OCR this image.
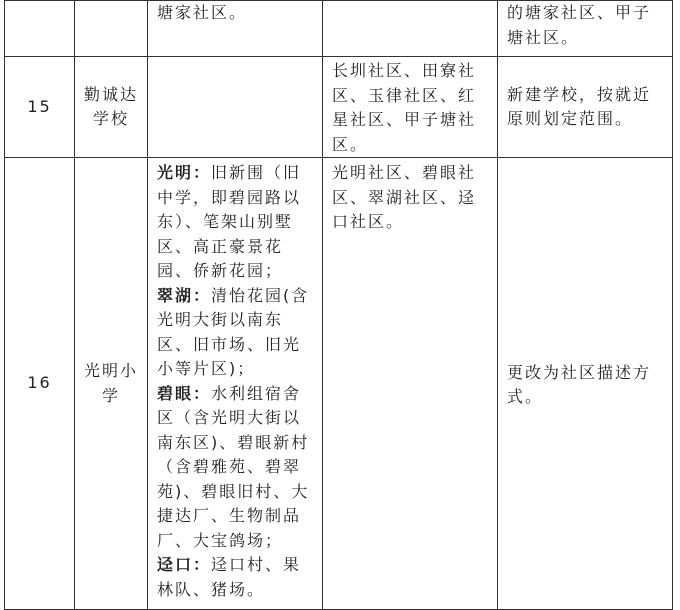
		塘家社区。		的塘家社区、甲子塘社区。

15	勤诚达学校		长圳社区、田寮社区、玉律社区、红星社区、甲子塘社区。	新建学校，按就近原则划定范围。

16	光明小学	光明：旧新围（旧中学，即碧园路以东）、笔架山别墅区、高正豪景花园、侨新花园；
翠湖：清怡花园(含光明大街以南东区、旧市场、旧光小等片区)；
碧眼：水利组宿舍区（含光明大街以南东区)、碧眼新村（含碧雅苑、碧翠苑)、碧眼旧村、大捷达厂、生物制品厂、大宝鸽场；
迳口：迳口村、果林队、猪场。	光明社区、碧眼社区、翠湖社区、迳口社区。	更改为社区描述方式。
